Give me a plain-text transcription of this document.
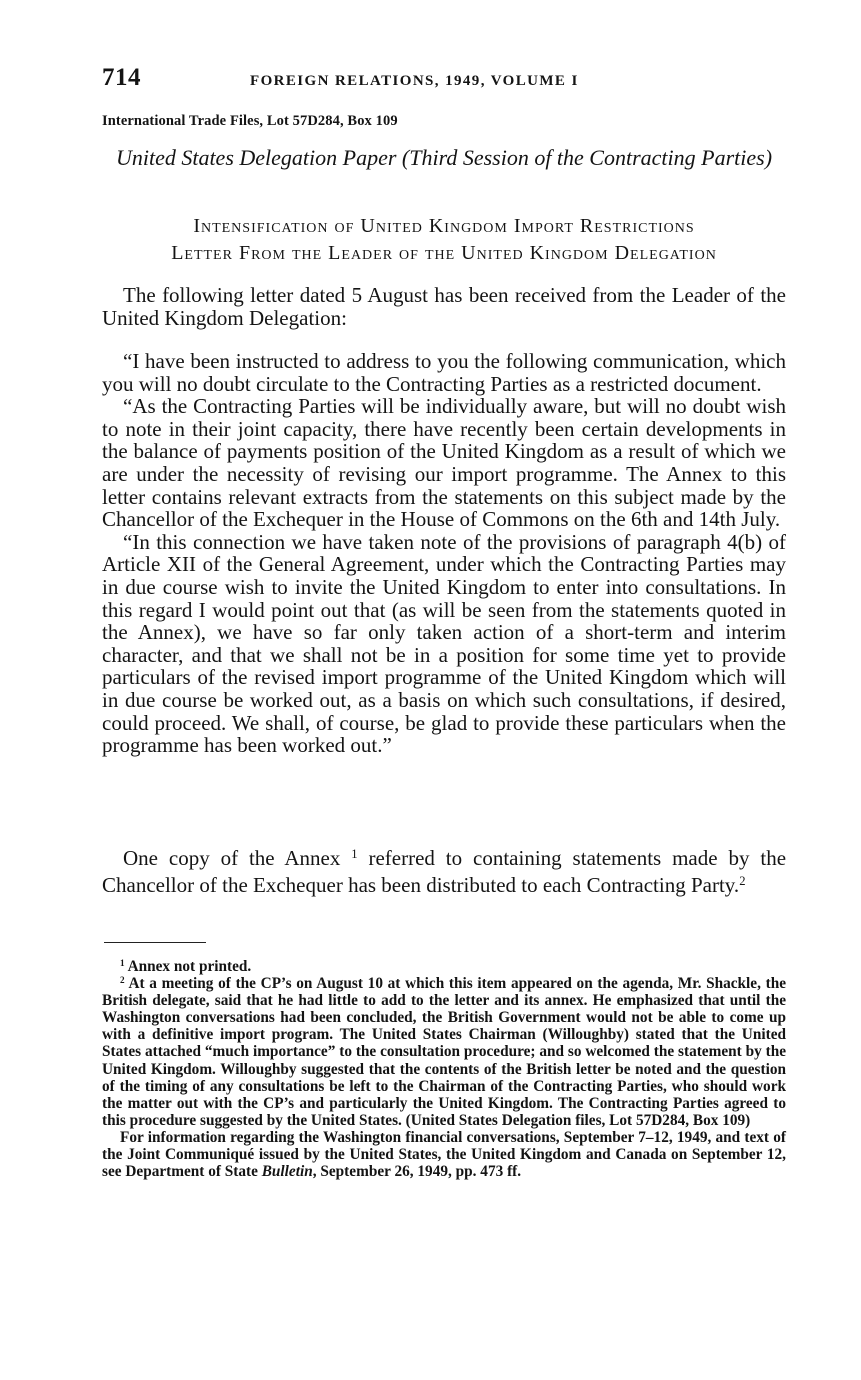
714	FOREIGN RELATIONS, 1949, VOLUME I
International Trade Files, Lot 57D284, Box 109
United States Delegation Paper (Third Session of the Contracting Parties)
Intensification of United Kingdom Import Restrictions
Letter From the Leader of the United Kingdom Delegation
The following letter dated 5 August has been received from the Leader of the United Kingdom Delegation:

“I have been instructed to address to you the following communication, which you will no doubt circulate to the Contracting Parties as a restricted document.

“As the Contracting Parties will be individually aware, but will no doubt wish to note in their joint capacity, there have recently been certain developments in the balance of payments position of the United Kingdom as a result of which we are under the necessity of revising our import programme. The Annex to this letter contains relevant extracts from the statements on this subject made by the Chancellor of the Exchequer in the House of Commons on the 6th and 14th July.

“In this connection we have taken note of the provisions of paragraph 4(b) of Article XII of the General Agreement, under which the Contracting Parties may in due course wish to invite the United Kingdom to enter into consultations. In this regard I would point out that (as will be seen from the statements quoted in the Annex), we have so far only taken action of a short-term and interim character, and that we shall not be in a position for some time yet to provide particulars of the revised import programme of the United Kingdom which will in due course be worked out, as a basis on which such consultations, if desired, could proceed. We shall, of course, be glad to provide these particulars when the programme has been worked out.”

One copy of the Annex $^1$ referred to containing statements made by the Chancellor of the Exchequer has been distributed to each Contracting Party.$^2$

$^1$ Annex not printed.

$^2$ At a meeting of the CP’s on August 10 at which this item appeared on the agenda, Mr. Shackle, the British delegate, said that he had little to add to the letter and its annex. He emphasized that until the Washington conversations had been concluded, the British Government would not be able to come up with a definitive import program. The United States Chairman (Willoughby) stated that the United States attached “much importance” to the consultation procedure; and so welcomed the statement by the United Kingdom. Willoughby suggested that the contents of the British letter be noted and the question of the timing of any consultations be left to the Chairman of the Contracting Parties, who should work the matter out with the CP’s and particularly the United Kingdom. The Contracting Parties agreed to this procedure suggested by the United States. (United States Delegation files, Lot 57D284, Box 109)

For information regarding the Washington financial conversations, September 7–12, 1949, and text of the Joint Communiqué issued by the United States, the United Kingdom and Canada on September 12, see Department of State Bulletin, September 26, 1949, pp. 473 ff.
